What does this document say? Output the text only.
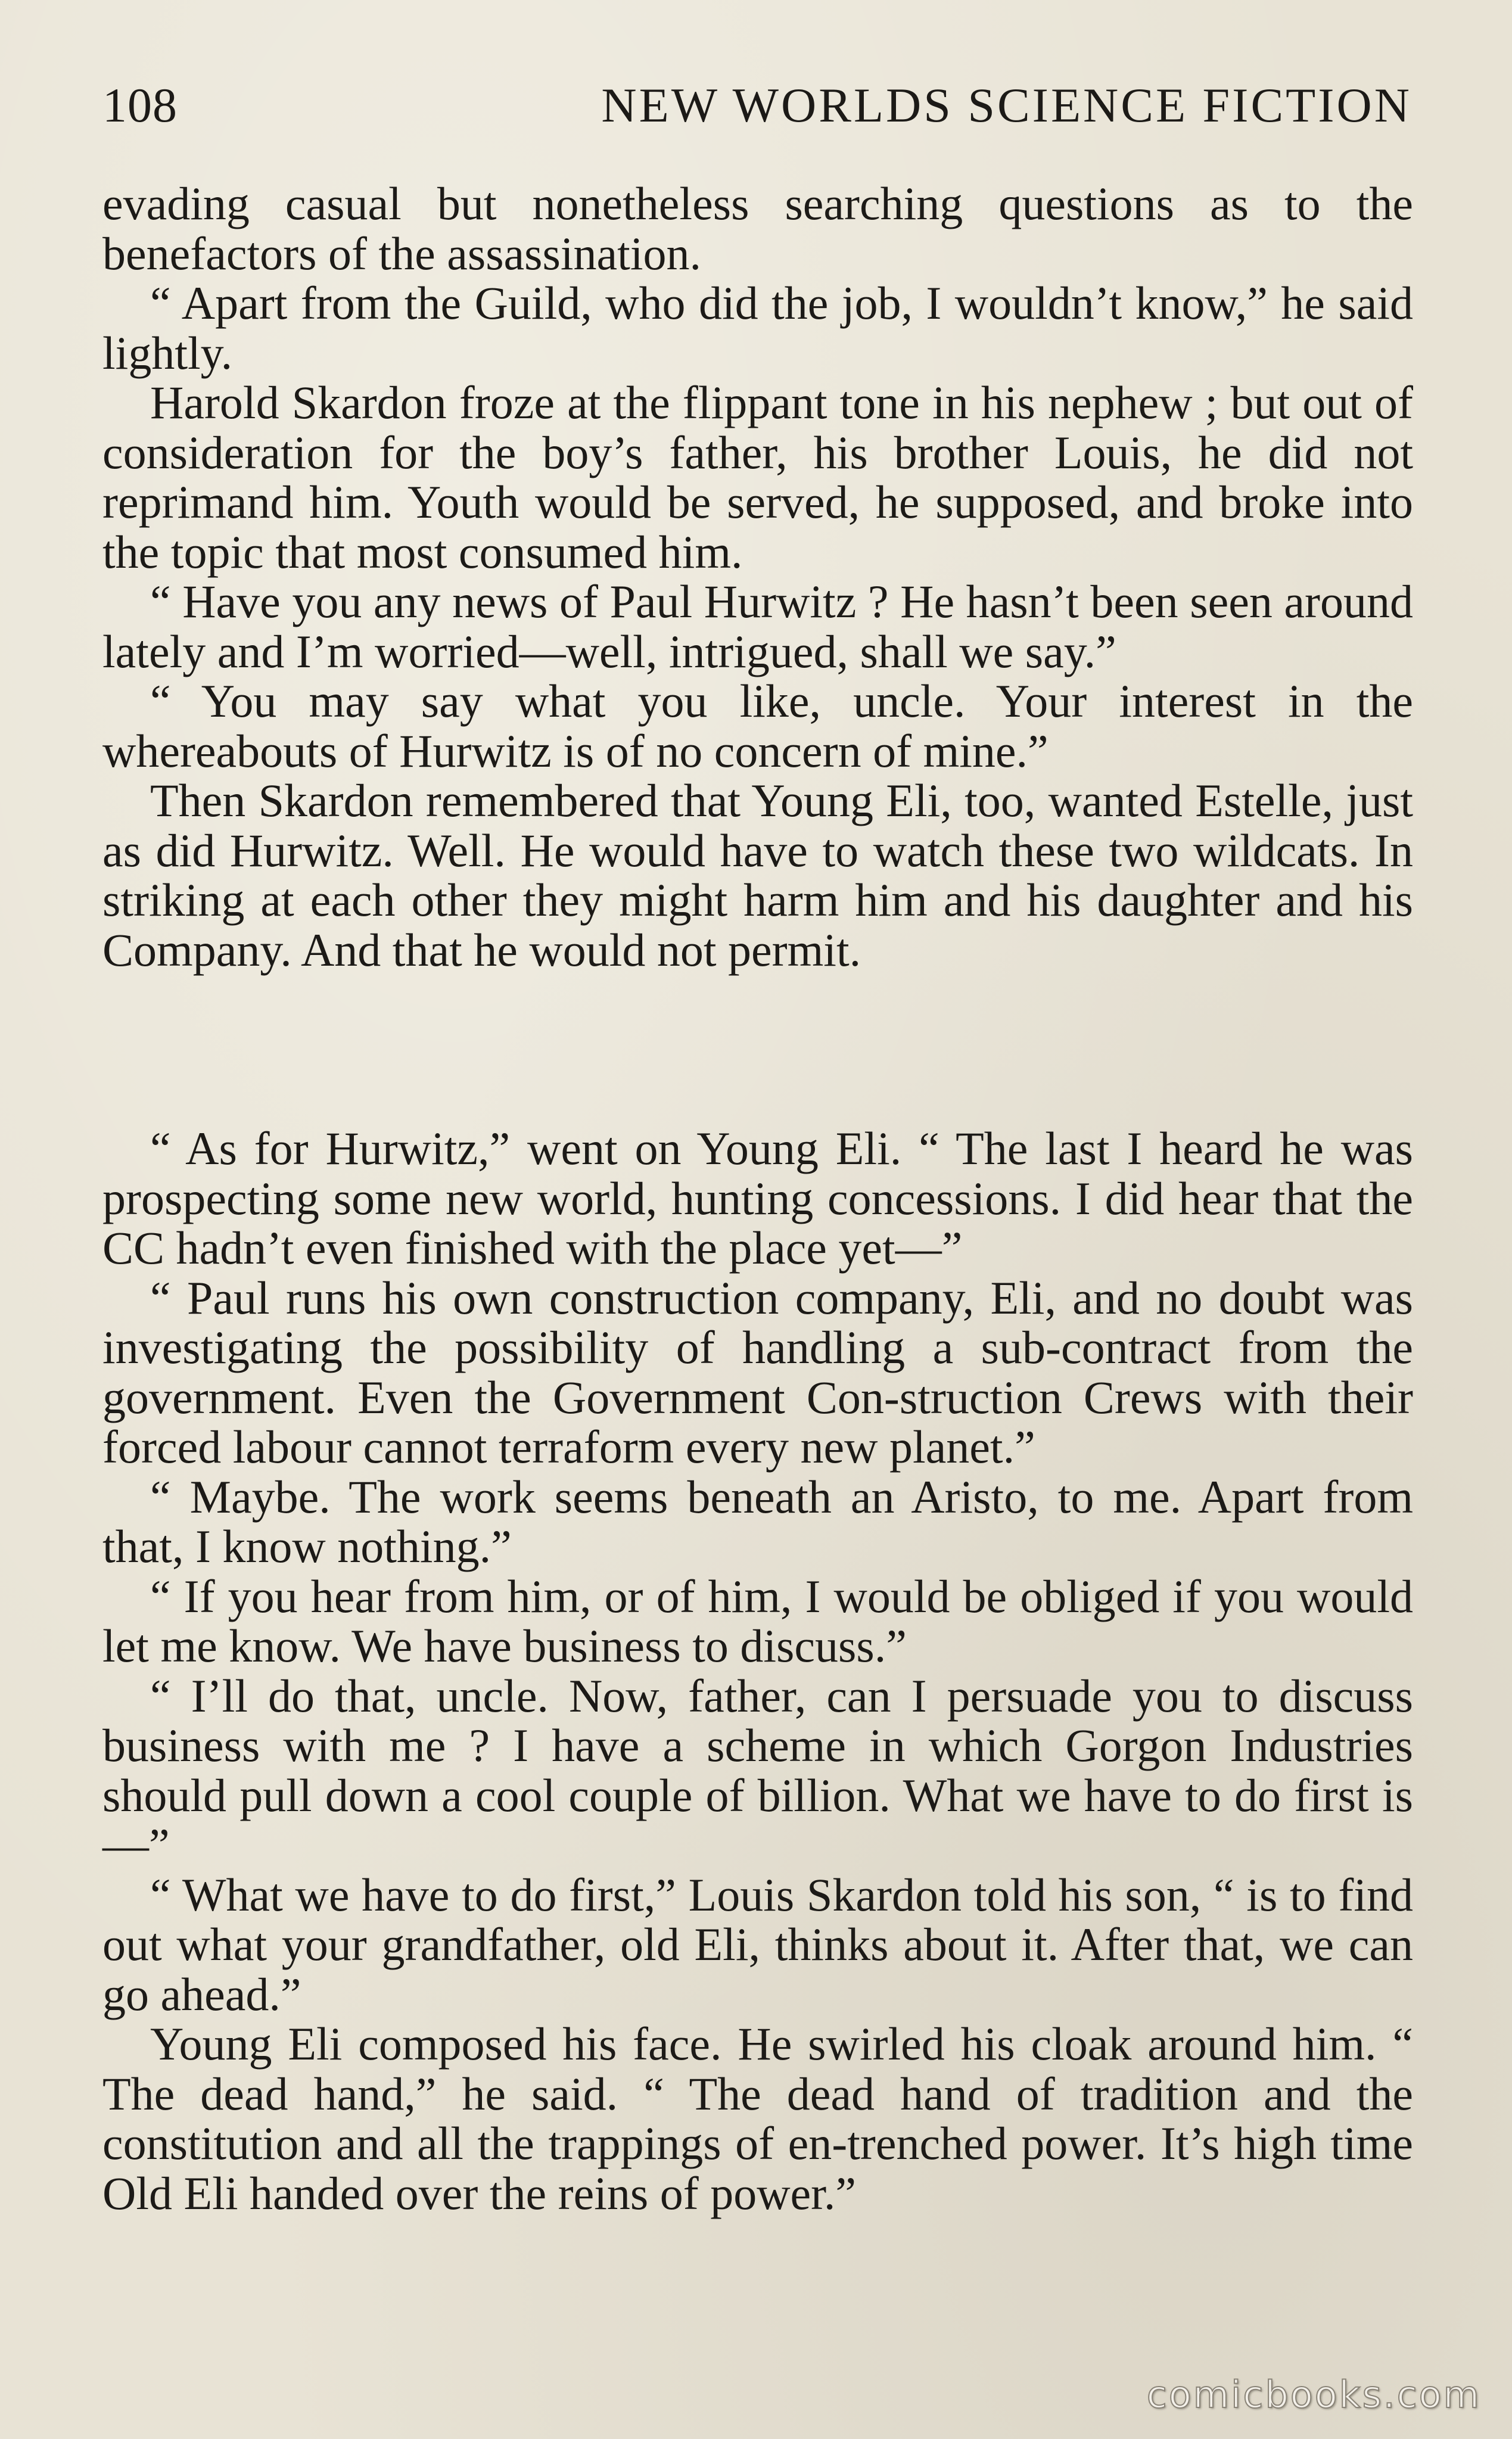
108	NEW WORLDS SCIENCE FICTION

evading casual but nonetheless searching questions as to the benefactors of the assassination.

“ Apart from the Guild, who did the job, I wouldn’t know,” he said lightly.

Harold Skardon froze at the flippant tone in his nephew ; but out of consideration for the boy’s father, his brother Louis, he did not reprimand him. Youth would be served, he supposed, and broke into the topic that most consumed him.

“ Have you any news of Paul Hurwitz ? He hasn’t been seen around lately and I’m worried—well, intrigued, shall we say.”

“ You may say what you like, uncle. Your interest in the whereabouts of Hurwitz is of no concern of mine.”

Then Skardon remembered that Young Eli, too, wanted Estelle, just as did Hurwitz. Well. He would have to watch these two wildcats. In striking at each other they might harm him and his daughter and his Company. And that he would not permit.

“ As for Hurwitz,” went on Young Eli. “ The last I heard he was prospecting some new world, hunting concessions. I did hear that the CC hadn’t even finished with the place yet—”

“ Paul runs his own construction company, Eli, and no doubt was investigating the possibility of handling a sub-contract from the government. Even the Government Con-struction Crews with their forced labour cannot terraform every new planet.”

“ Maybe. The work seems beneath an Aristo, to me. Apart from that, I know nothing.”

“ If you hear from him, or of him, I would be obliged if you would let me know. We have business to discuss.”

“ I’ll do that, uncle. Now, father, can I persuade you to discuss business with me ? I have a scheme in which Gorgon Industries should pull down a cool couple of billion. What we have to do first is—”

“ What we have to do first,” Louis Skardon told his son, “ is to find out what your grandfather, old Eli, thinks about it. After that, we can go ahead.”

Young Eli composed his face. He swirled his cloak around him. “ The dead hand,” he said. “ The dead hand of tradition and the constitution and all the trappings of en-trenched power. It’s high time Old Eli handed over the reins of power.”

comicbooks.com
